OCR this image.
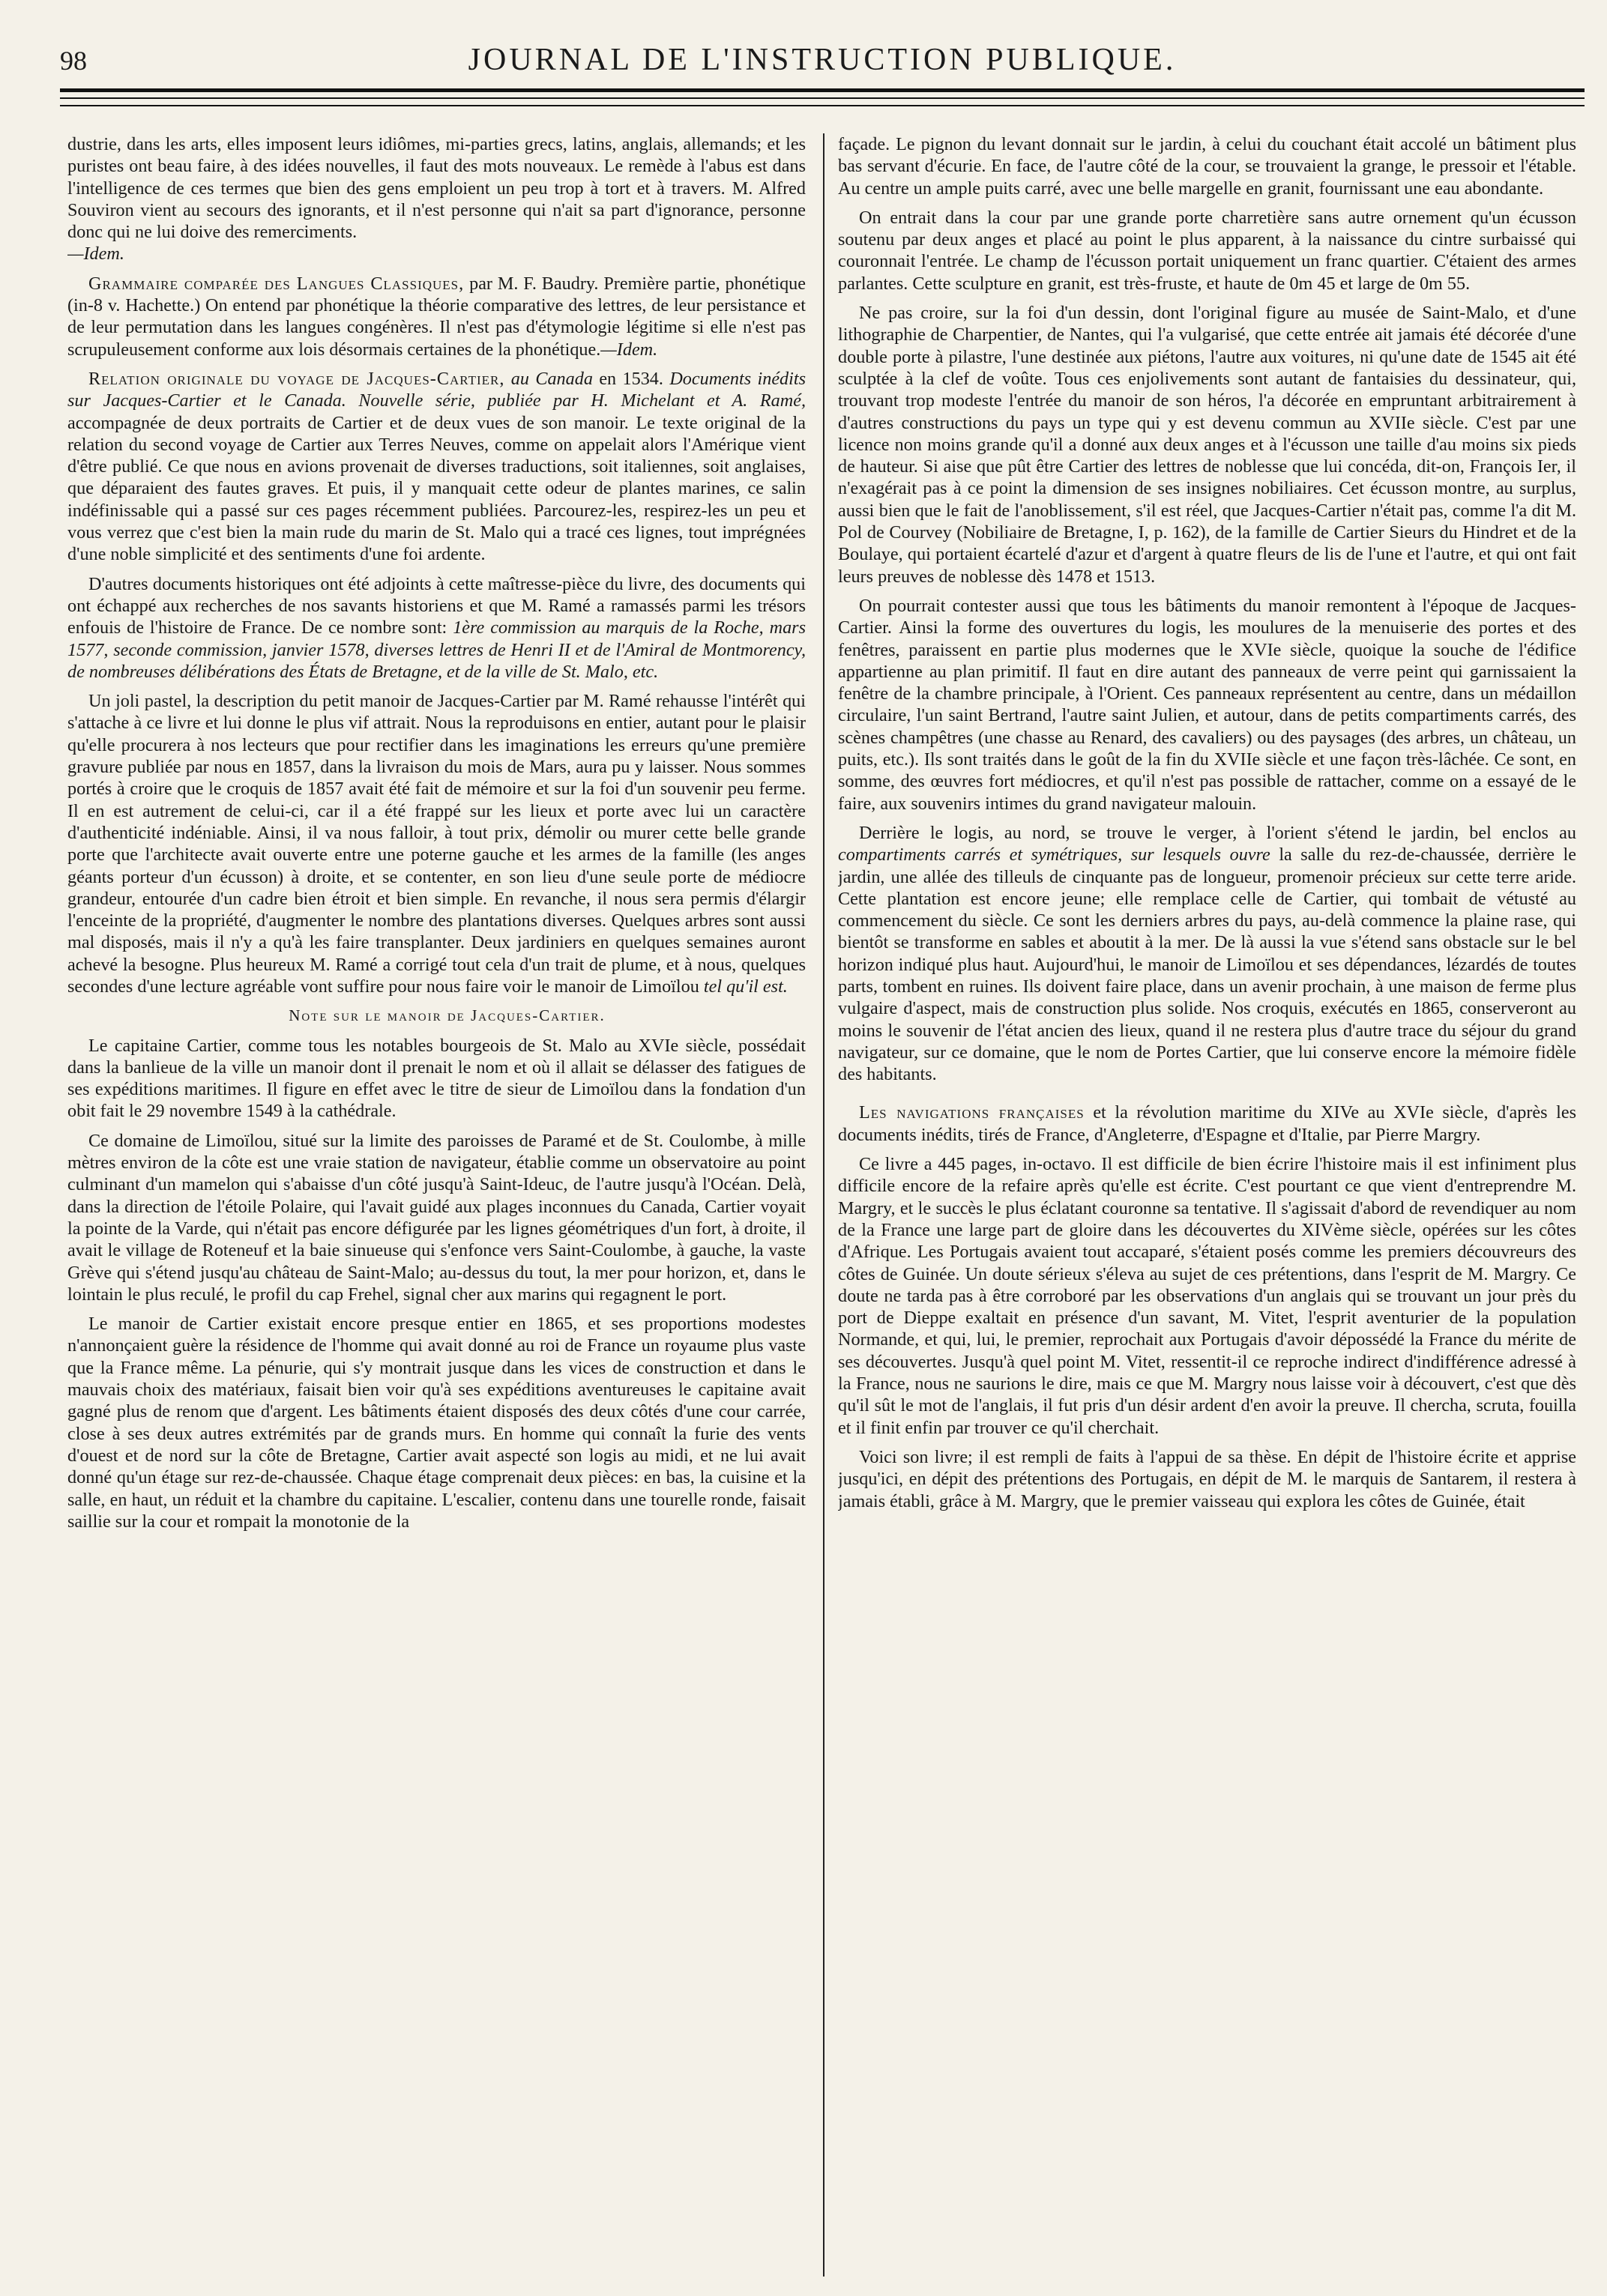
98	JOURNAL DE L'INSTRUCTION PUBLIQUE.

dustrie, dans les arts, elles imposent leurs idiômes, mi-parties grecs, latins, anglais, allemands; et les puristes ont beau faire, à des idées nouvelles, il faut des mots nouveaux. Le remède à l'abus est dans l'intelligence de ces termes que bien des gens emploient un peu trop à tort et à travers. M. Alfred Souviron vient au secours des ignorants, et il n'est personne qui n'ait sa part d'ignorance, personne donc qui ne lui doive des remerciments.
—Idem.

Grammaire comparée des Langues Classiques, par M. F. Baudry. Première partie, phonétique (in-8 v. Hachette.) On entend par phonétique la théorie comparative des lettres, de leur persistance et de leur permutation dans les langues congénères. Il n'est pas d'étymologie légitime si elle n'est pas scrupuleusement conforme aux lois désormais certaines de la phonétique.—Idem.

Relation originale du voyage de Jacques-Cartier, au Canada en 1534. Documents inédits sur Jacques-Cartier et le Canada. Nouvelle série, publiée par H. Michelant et A. Ramé, accompagnée de deux portraits de Cartier et de deux vues de son manoir. Le texte original de la relation du second voyage de Cartier aux Terres Neuves, comme on appelait alors l'Amérique vient d'être publié. Ce que nous en avions provenait de diverses traductions, soit italiennes, soit anglaises, que déparaient des fautes graves. Et puis, il y manquait cette odeur de plantes marines, ce salin indéfinissable qui a passé sur ces pages récemment publiées. Parcourez-les, respirez-les un peu et vous verrez que c'est bien la main rude du marin de St. Malo qui a tracé ces lignes, tout imprégnées d'une noble simplicité et des sentiments d'une foi ardente.

D'autres documents historiques ont été adjoints à cette maîtresse-pièce du livre, des documents qui ont échappé aux recherches de nos savants historiens et que M. Ramé a ramassés parmi les trésors enfouis de l'histoire de France. De ce nombre sont: 1ère commission au marquis de la Roche, mars 1577, seconde commission, janvier 1578, diverses lettres de Henri II et de l'Amiral de Montmorency, de nombreuses délibérations des États de Bretagne, et de la ville de St. Malo, etc.

Un joli pastel, la description du petit manoir de Jacques-Cartier par M. Ramé rehausse l'intérêt qui s'attache à ce livre et lui donne le plus vif attrait. Nous la reproduisons en entier, autant pour le plaisir qu'elle procurera à nos lecteurs que pour rectifier dans les imaginations les erreurs qu'une première gravure publiée par nous en 1857, dans la livraison du mois de Mars, aura pu y laisser. Nous sommes portés à croire que le croquis de 1857 avait été fait de mémoire et sur la foi d'un souvenir peu ferme. Il en est autrement de celui-ci, car il a été frappé sur les lieux et porte avec lui un caractère d'authenticité indéniable. Ainsi, il va nous falloir, à tout prix, démolir ou murer cette belle grande porte que l'architecte avait ouverte entre une poterne gauche et les armes de la famille (les anges géants porteur d'un écusson) à droite, et se contenter, en son lieu d'une seule porte de médiocre grandeur, entourée d'un cadre bien étroit et bien simple. En revanche, il nous sera permis d'élargir l'enceinte de la propriété, d'augmenter le nombre des plantations diverses. Quelques arbres sont aussi mal disposés, mais il n'y a qu'à les faire transplanter. Deux jardiniers en quelques semaines auront achevé la besogne. Plus heureux M. Ramé a corrigé tout cela d'un trait de plume, et à nous, quelques secondes d'une lecture agréable vont suffire pour nous faire voir le manoir de Limoïlou tel qu'il est.

Note sur le manoir de Jacques-Cartier.

Le capitaine Cartier, comme tous les notables bourgeois de St. Malo au XVIe siècle, possédait dans la banlieue de la ville un manoir dont il prenait le nom et où il allait se délasser des fatigues de ses expéditions maritimes. Il figure en effet avec le titre de sieur de Limoïlou dans la fondation d'un obit fait le 29 novembre 1549 à la cathédrale.

Ce domaine de Limoïlou, situé sur la limite des paroisses de Paramé et de St. Coulombe, à mille mètres environ de la côte est une vraie station de navigateur, établie comme un observatoire au point culminant d'un mamelon qui s'abaisse d'un côté jusqu'à Saint-Ideuc, de l'autre jusqu'à l'Océan. Delà, dans la direction de l'étoile Polaire, qui l'avait guidé aux plages inconnues du Canada, Cartier voyait la pointe de la Varde, qui n'était pas encore défigurée par les lignes géométriques d'un fort, à droite, il avait le village de Roteneuf et la baie sinueuse qui s'enfonce vers Saint-Coulombe, à gauche, la vaste Grève qui s'étend jusqu'au château de Saint-Malo; au-dessus du tout, la mer pour horizon, et, dans le lointain le plus reculé, le profil du cap Frehel, signal cher aux marins qui regagnent le port.

Le manoir de Cartier existait encore presque entier en 1865, et ses proportions modestes n'annonçaient guère la résidence de l'homme qui avait donné au roi de France un royaume plus vaste que la France même. La pénurie, qui s'y montrait jusque dans les vices de construction et dans le mauvais choix des matériaux, faisait bien voir qu'à ses expéditions aventureuses le capitaine avait gagné plus de renom que d'argent. Les bâtiments étaient disposés des deux côtés d'une cour carrée, close à ses deux autres extrémités par de grands murs. En homme qui connaît la furie des vents d'ouest et de nord sur la côte de Bretagne, Cartier avait aspecté son logis au midi, et ne lui avait donné qu'un étage sur rez-de-chaussée. Chaque étage comprenait deux pièces: en bas, la cuisine et la salle, en haut, un réduit et la chambre du capitaine. L'escalier, contenu dans une tourelle ronde, faisait saillie sur la cour et rompait la monotonie de la

façade. Le pignon du levant donnait sur le jardin, à celui du couchant était accolé un bâtiment plus bas servant d'écurie. En face, de l'autre côté de la cour, se trouvaient la grange, le pressoir et l'étable. Au centre un ample puits carré, avec une belle margelle en granit, fournissant une eau abondante.

On entrait dans la cour par une grande porte charretière sans autre ornement qu'un écusson soutenu par deux anges et placé au point le plus apparent, à la naissance du cintre surbaissé qui couronnait l'entrée. Le champ de l'écusson portait uniquement un franc quartier. C'étaient des armes parlantes. Cette sculpture en granit, est très-fruste, et haute de 0m 45 et large de 0m 55.

Ne pas croire, sur la foi d'un dessin, dont l'original figure au musée de Saint-Malo, et d'une lithographie de Charpentier, de Nantes, qui l'a vulgarisé, que cette entrée ait jamais été décorée d'une double porte à pilastre, l'une destinée aux piétons, l'autre aux voitures, ni qu'une date de 1545 ait été sculptée à la clef de voûte. Tous ces enjolivements sont autant de fantaisies du dessinateur, qui, trouvant trop modeste l'entrée du manoir de son héros, l'a décorée en empruntant arbitrairement à d'autres constructions du pays un type qui y est devenu commun au XVIIe siècle. C'est par une licence non moins grande qu'il a donné aux deux anges et à l'écusson une taille d'au moins six pieds de hauteur. Si aise que pût être Cartier des lettres de noblesse que lui concéda, dit-on, François Ier, il n'exagérait pas à ce point la dimension de ses insignes nobiliaires. Cet écusson montre, au surplus, aussi bien que le fait de l'anoblissement, s'il est réel, que Jacques-Cartier n'était pas, comme l'a dit M. Pol de Courvey (Nobiliaire de Bretagne, I, p. 162), de la famille de Cartier Sieurs du Hindret et de la Boulaye, qui portaient écartelé d'azur et d'argent à quatre fleurs de lis de l'une et l'autre, et qui ont fait leurs preuves de noblesse dès 1478 et 1513.

On pourrait contester aussi que tous les bâtiments du manoir remontent à l'époque de Jacques-Cartier. Ainsi la forme des ouvertures du logis, les moulures de la menuiserie des portes et des fenêtres, paraissent en partie plus modernes que le XVIe siècle, quoique la souche de l'édifice appartienne au plan primitif. Il faut en dire autant des panneaux de verre peint qui garnissaient la fenêtre de la chambre principale, à l'Orient. Ces panneaux représentent au centre, dans un médaillon circulaire, l'un saint Bertrand, l'autre saint Julien, et autour, dans de petits compartiments carrés, des scènes champêtres (une chasse au Renard, des cavaliers) ou des paysages (des arbres, un château, un puits, etc.). Ils sont traités dans le goût de la fin du XVIIe siècle et une façon très-lâchée. Ce sont, en somme, des œuvres fort médiocres, et qu'il n'est pas possible de rattacher, comme on a essayé de le faire, aux souvenirs intimes du grand navigateur malouin.

Derrière le logis, au nord, se trouve le verger, à l'orient s'étend le jardin, bel enclos au compartiments carrés et symétriques, sur lesquels ouvre la salle du rez-de-chaussée, derrière le jardin, une allée des tilleuls de cinquante pas de longueur, promenoir précieux sur cette terre aride. Cette plantation est encore jeune; elle remplace celle de Cartier, qui tombait de vétusté au commencement du siècle. Ce sont les derniers arbres du pays, au-delà commence la plaine rase, qui bientôt se transforme en sables et aboutit à la mer. De là aussi la vue s'étend sans obstacle sur le bel horizon indiqué plus haut. Aujourd'hui, le manoir de Limoïlou et ses dépendances, lézardés de toutes parts, tombent en ruines. Ils doivent faire place, dans un avenir prochain, à une maison de ferme plus vulgaire d'aspect, mais de construction plus solide. Nos croquis, exécutés en 1865, conserveront au moins le souvenir de l'état ancien des lieux, quand il ne restera plus d'autre trace du séjour du grand navigateur, sur ce domaine, que le nom de Portes Cartier, que lui conserve encore la mémoire fidèle des habitants.

Les navigations françaises et la révolution maritime du XIVe au XVIe siècle, d'après les documents inédits, tirés de France, d'Angleterre, d'Espagne et d'Italie, par Pierre Margry.

Ce livre a 445 pages, in-octavo. Il est difficile de bien écrire l'histoire mais il est infiniment plus difficile encore de la refaire après qu'elle est écrite. C'est pourtant ce que vient d'entreprendre M. Margry, et le succès le plus éclatant couronne sa tentative. Il s'agissait d'abord de revendiquer au nom de la France une large part de gloire dans les découvertes du XIVème siècle, opérées sur les côtes d'Afrique. Les Portugais avaient tout accaparé, s'étaient posés comme les premiers découvreurs des côtes de Guinée. Un doute sérieux s'éleva au sujet de ces prétentions, dans l'esprit de M. Margry. Ce doute ne tarda pas à être corroboré par les observations d'un anglais qui se trouvant un jour près du port de Dieppe exaltait en présence d'un savant, M. Vitet, l'esprit aventurier de la population Normande, et qui, lui, le premier, reprochait aux Portugais d'avoir dépossédé la France du mérite de ses découvertes. Jusqu'à quel point M. Vitet, ressentit-il ce reproche indirect d'indifférence adressé à la France, nous ne saurions le dire, mais ce que M. Margry nous laisse voir à découvert, c'est que dès qu'il sût le mot de l'anglais, il fut pris d'un désir ardent d'en avoir la preuve. Il chercha, scruta, fouilla et il finit enfin par trouver ce qu'il cherchait.

Voici son livre; il est rempli de faits à l'appui de sa thèse. En dépit de l'histoire écrite et apprise jusqu'ici, en dépit des prétentions des Portugais, en dépit de M. le marquis de Santarem, il restera à jamais établi, grâce à M. Margry, que le premier vaisseau qui explora les côtes de Guinée, était
